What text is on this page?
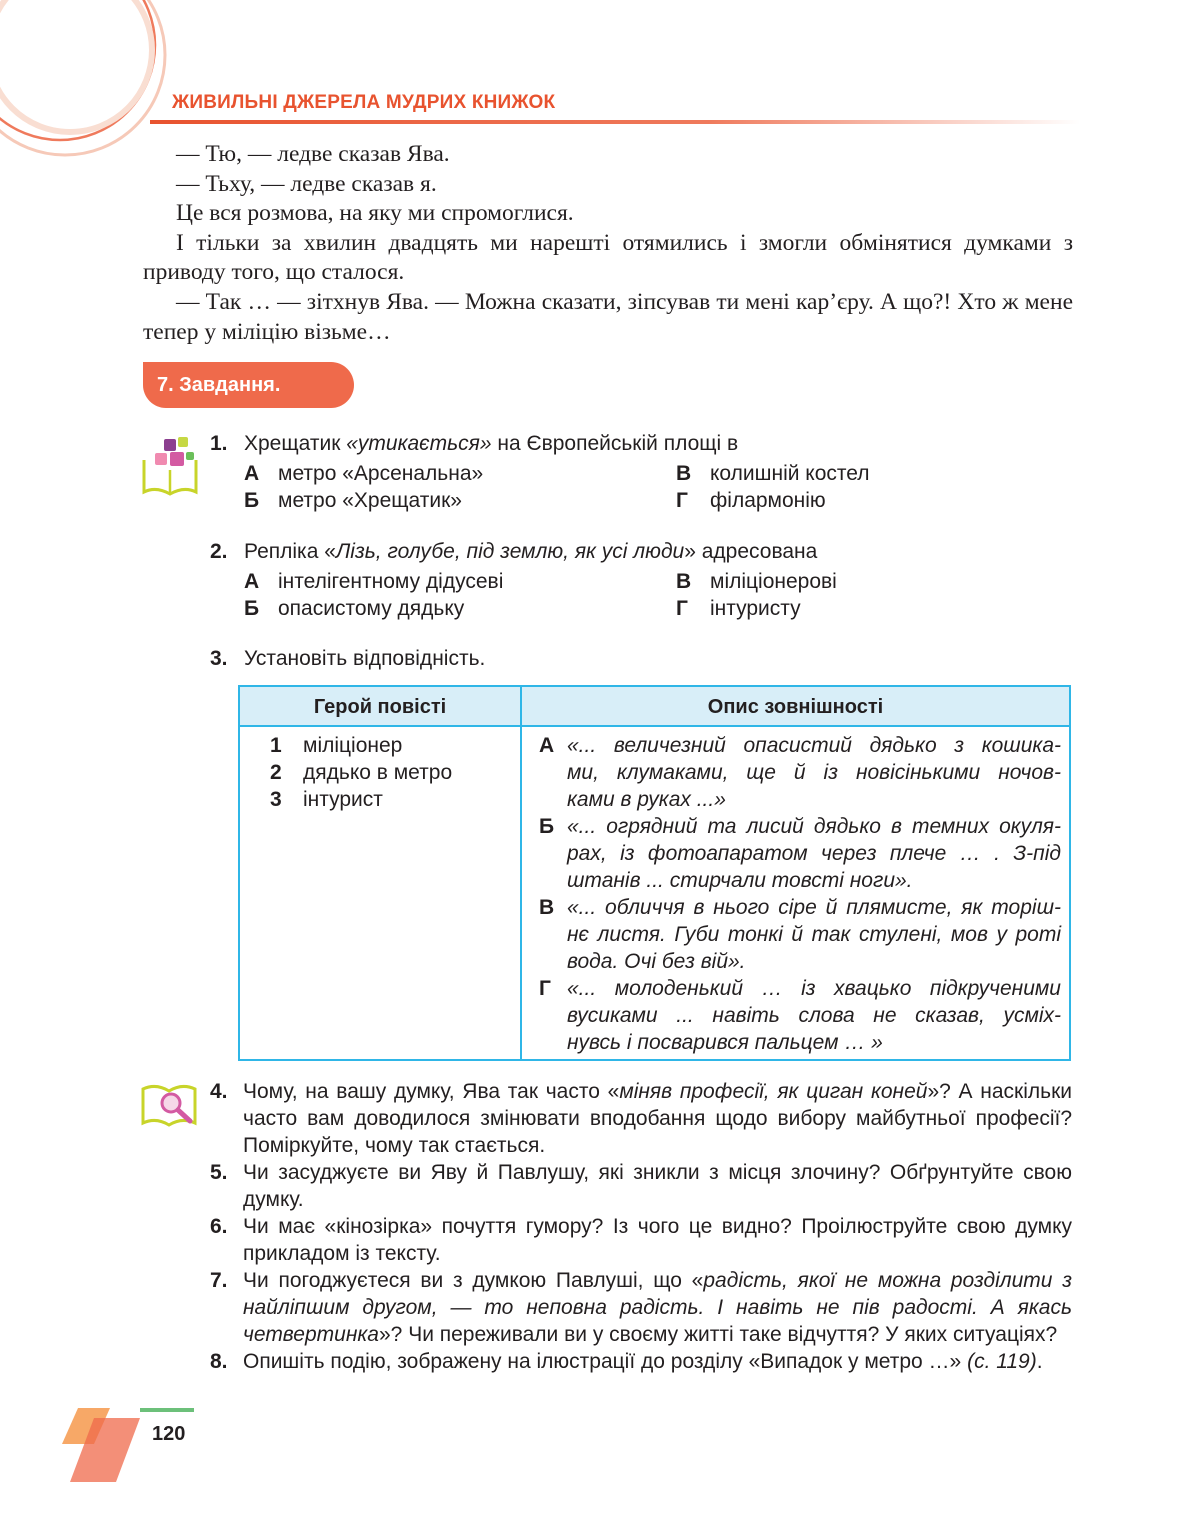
ЖИВИЛЬНІ ДЖЕРЕЛА МУДРИХ КНИЖОК

— Тю, — ледве сказав Ява.

— Тьху, — ледве сказав я.

Це вся розмова, на яку ми спромоглися.

І тільки за хвилин двадцять ми нарешті отямились і змогли обмінятися думками з приводу того, що сталося.

— Так … — зітхнув Ява. — Можна сказати, зіпсував ти мені кар’єру. А що?! Хто ж мене тепер у міліцію візьме…

7. Завдання.
1. Хрещатик «утикається» на Європейській площі в
А метро «Арсенальна»
Б метро «Хрещатик»
В колишній костел
Г філармонію
2. Репліка «Лізь, голубе, під землю, як усі люди» адресована
А інтелігентному дідусеві
Б опасистому дядьку
В міліціонерові
Г інтуристу
3. Установіть відповідність.
Герой повісті	Опис зовнішності
1 міліціонер
2 дядько в метро
3 інтурист
А «... величезний опасистий дядько з кошика-
ми, клумаками, ще й із новісінькими ночов-
ками в руках ...»
Б «... огрядний та лисий дядько в темних окуля-
рах, із фотоапаратом через плече … . З-під
штанів ... стирчали товсті ноги».
В «... обличчя в нього сіре й плямисте, як торіш-
нє листя. Губи тонкі й так стулені, мов у роті
вода. Очі без вій».
Г «... молоденький … із хвацько підкрученими
вусиками ... навіть слова не сказав, усміх-
нувсь і посварився пальцем … »
4. Чому, на вашу думку, Ява так часто «міняв професії, як циган коней»? А наскільки часто вам доводилося змінювати вподобання щодо вибору майбутньої професії? Поміркуйте, чому так стається.
5. Чи засуджуєте ви Яву й Павлушу, які зникли з місця злочину? Обґрунтуйте свою думку.
6. Чи має «кінозірка» почуття гумору? Із чого це видно? Проілюструйте свою думку прикладом із тексту.
7. Чи погоджуєтеся ви з думкою Павлуші, що «радість, якої не можна розділити з найліпшим другом, — то неповна радість. І навіть не пів радості. А якась четвертинка»? Чи переживали ви у своєму житті таке відчуття? У яких ситуаціях?
8. Опишіть подію, зображену на ілюстрації до розділу «Випадок у метро …» (с. 119).
120
